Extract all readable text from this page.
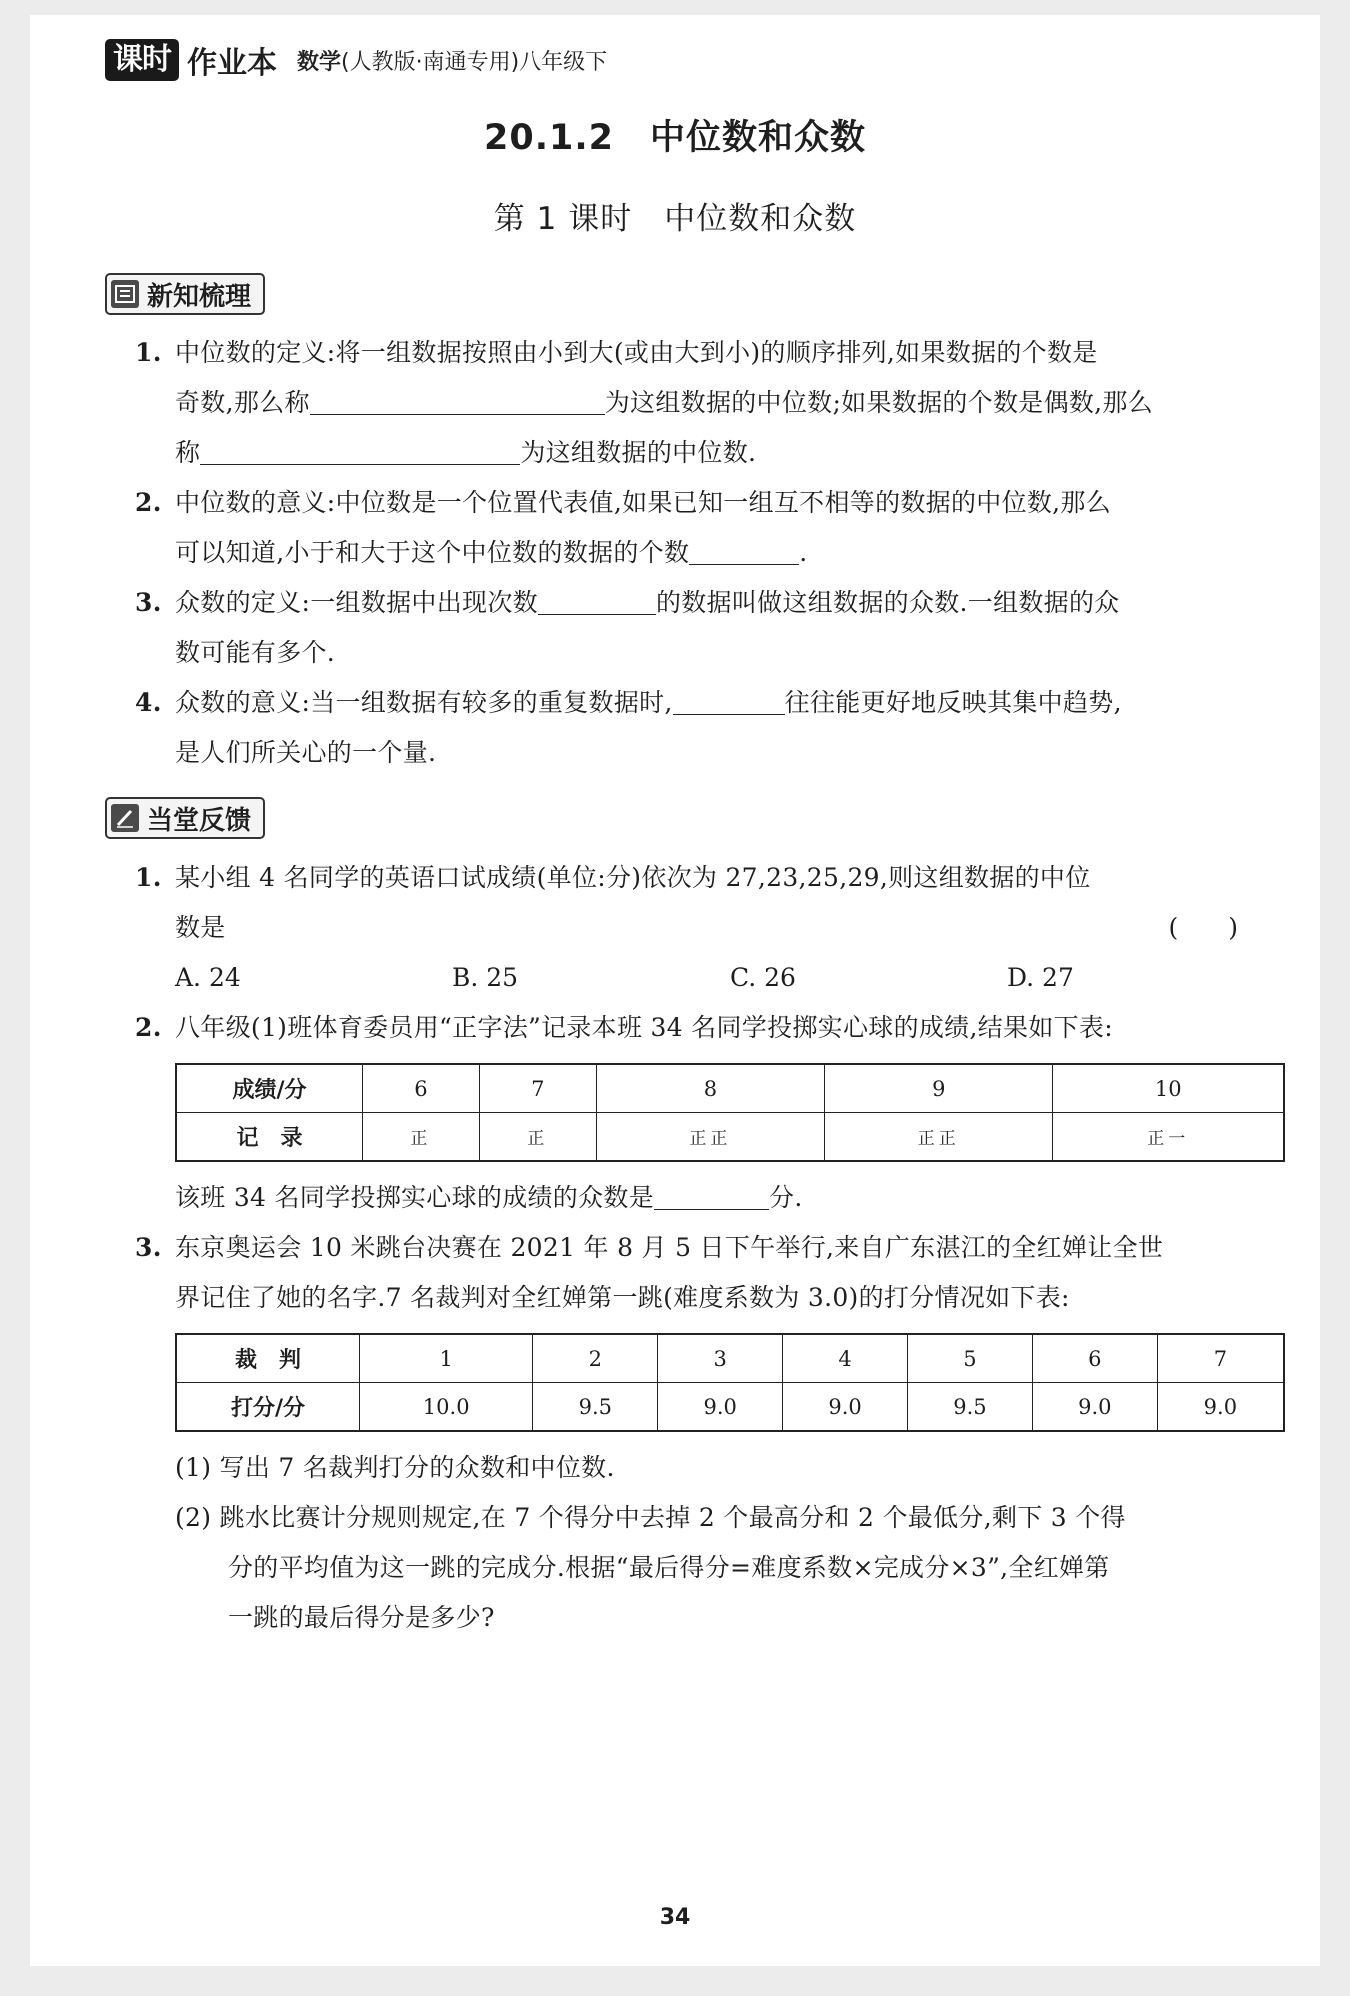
课时 作业本 数学(人教版·南通专用)八年级下
20.1.2　中位数和众数
第 1 课时　中位数和众数
新知梳理
1. 中位数的定义:将一组数据按照由小到大(或由大到小)的顺序排列,如果数据的个数是
奇数,那么称	为这组数据的中位数;如果数据的个数是偶数,那么
称	为这组数据的中位数.
2. 中位数的意义:中位数是一个位置代表值,如果已知一组互不相等的数据的中位数,那么
可以知道,小于和大于这个中位数的数据的个数	.
3. 众数的定义:一组数据中出现次数	的数据叫做这组数据的众数.一组数据的众
数可能有多个.
4. 众数的意义:当一组数据有较多的重复数据时,	往往能更好地反映其集中趋势,
是人们所关心的一个量.
当堂反馈
1. 某小组 4 名同学的英语口试成绩(单位:分)依次为 27,23,25,29,则这组数据的中位
数是	(　　)
A. 24	B. 25	C. 26	D. 27
2. 八年级(1)班体育委员用“正字法”记录本班 34 名同学投掷实心球的成绩,结果如下表:
成绩/分	6	7	8	9	10
记　录	正	正	正正	正正	正一
该班 34 名同学投掷实心球的成绩的众数是	分.
3. 东京奥运会 10 米跳台决赛在 2021 年 8 月 5 日下午举行,来自广东湛江的全红婵让全世
界记住了她的名字.7 名裁判对全红婵第一跳(难度系数为 3.0)的打分情况如下表:
裁　判	1	2	3	4	5	6	7
打分/分	10.0	9.5	9.0	9.0	9.5	9.0	9.0
(1) 写出 7 名裁判打分的众数和中位数.
(2) 跳水比赛计分规则规定,在 7 个得分中去掉 2 个最高分和 2 个最低分,剩下 3 个得
分的平均值为这一跳的完成分.根据“最后得分=难度系数×完成分×3”,全红婵第
一跳的最后得分是多少?
34
